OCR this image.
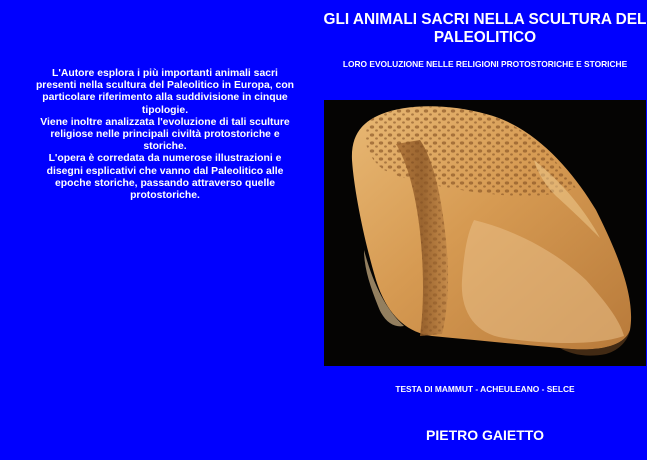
L'Autore esplora i più importanti animali sacri presenti nella scultura del Paleolitico in Europa, con particolare riferimento alla suddivisione in cinque tipologie.

Viene inoltre analizzata l'evoluzione di tali sculture religiose nelle principali civiltà protostoriche e storiche.

L'opera è corredata da numerose illustrazioni e disegni esplicativi che vanno dal Paleolitico alle epoche storiche, passando attraverso quelle protostoriche.

GLI ANIMALI SACRI NELLA SCULTURA DEL PALEOLITICO

LORO EVOLUZIONE NELLE RELIGIONI PROTOSTORICHE E STORICHE

TESTA DI MAMMUT - ACHEULEANO - SELCE

PIETRO GAIETTO
